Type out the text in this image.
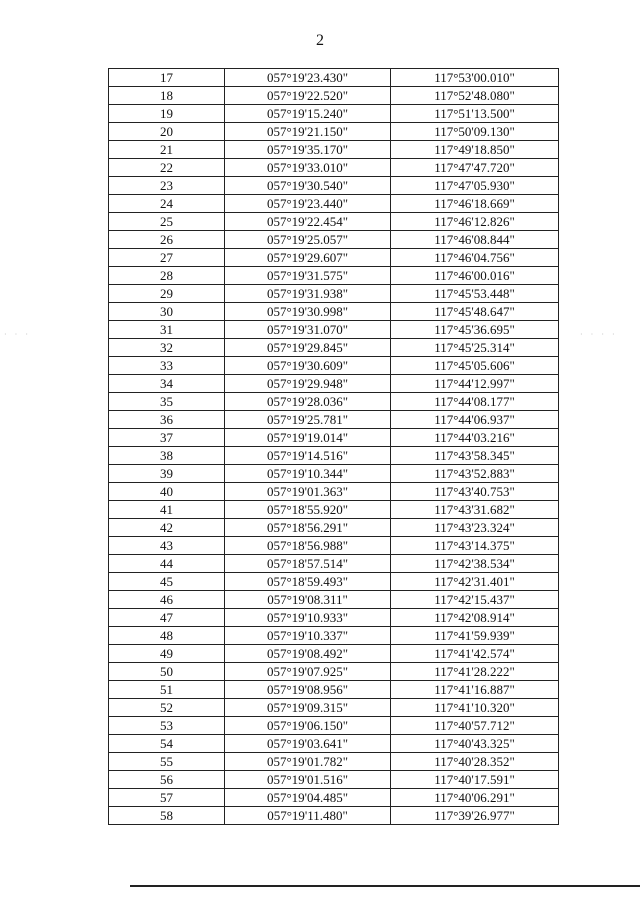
2
17	057°19'23.430"	117°53'00.010"
18	057°19'22.520"	117°52'48.080"
19	057°19'15.240"	117°51'13.500"
20	057°19'21.150"	117°50'09.130"
21	057°19'35.170"	117°49'18.850"
22	057°19'33.010"	117°47'47.720"
23	057°19'30.540"	117°47'05.930"
24	057°19'23.440"	117°46'18.669"
25	057°19'22.454"	117°46'12.826"
26	057°19'25.057"	117°46'08.844"
27	057°19'29.607"	117°46'04.756"
28	057°19'31.575"	117°46'00.016"
29	057°19'31.938"	117°45'53.448"
30	057°19'30.998"	117°45'48.647"
31	057°19'31.070"	117°45'36.695"
32	057°19'29.845"	117°45'25.314"
33	057°19'30.609"	117°45'05.606"
34	057°19'29.948"	117°44'12.997"
35	057°19'28.036"	117°44'08.177"
36	057°19'25.781"	117°44'06.937"
37	057°19'19.014"	117°44'03.216"
38	057°19'14.516"	117°43'58.345"
39	057°19'10.344"	117°43'52.883"
40	057°19'01.363"	117°43'40.753"
41	057°18'55.920"	117°43'31.682"
42	057°18'56.291"	117°43'23.324"
43	057°18'56.988"	117°43'14.375"
44	057°18'57.514"	117°42'38.534"
45	057°18'59.493"	117°42'31.401"
46	057°19'08.311"	117°42'15.437"
47	057°19'10.933"	117°42'08.914"
48	057°19'10.337"	117°41'59.939"
49	057°19'08.492"	117°41'42.574"
50	057°19'07.925"	117°41'28.222"
51	057°19'08.956"	117°41'16.887"
52	057°19'09.315"	117°41'10.320"
53	057°19'06.150"	117°40'57.712"
54	057°19'03.641"	117°40'43.325"
55	057°19'01.782"	117°40'28.352"
56	057°19'01.516"	117°40'17.591"
57	057°19'04.485"	117°40'06.291"
58	057°19'11.480"	117°39'26.977"
· · ·	· · · ·
